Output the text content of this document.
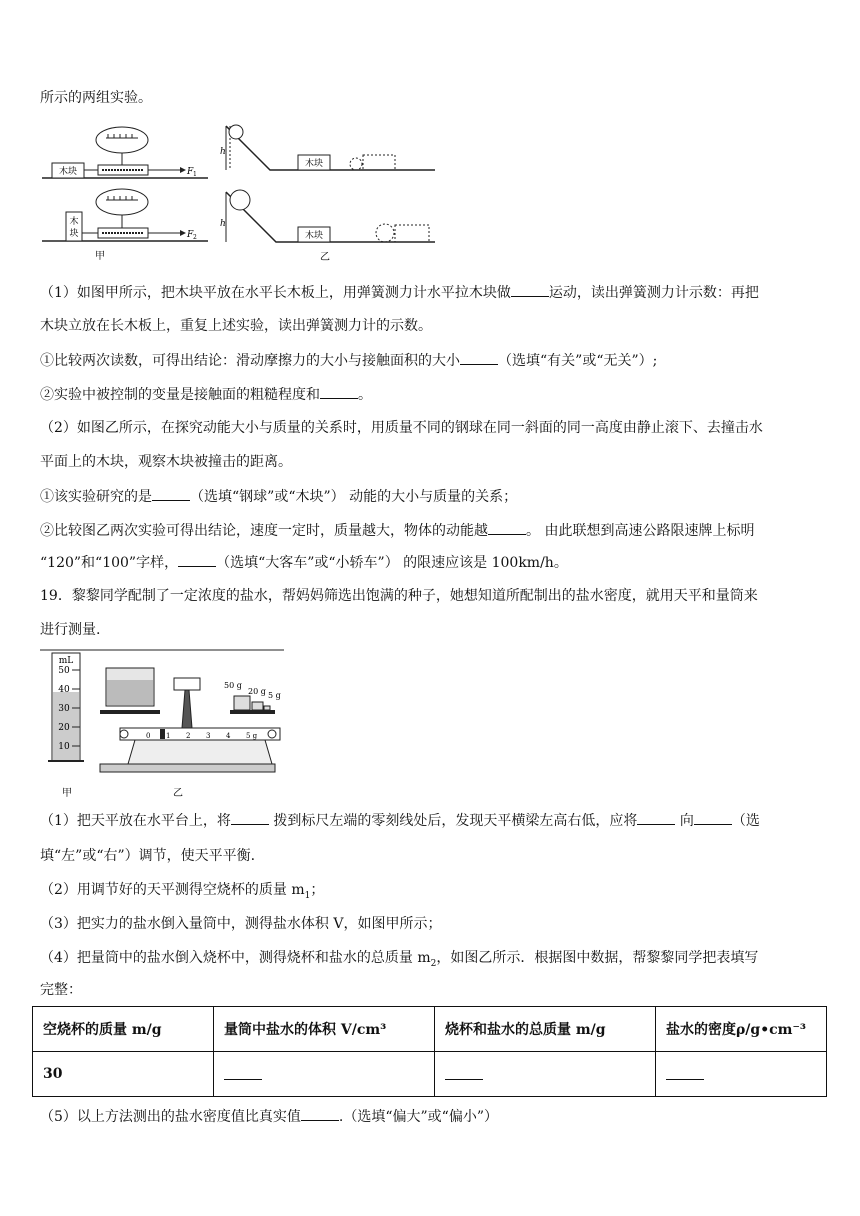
所示的两组实验。
木块	F 1
木
块	F 2
甲
h
木块
h
木块
乙
（1）如图甲所示，把木块平放在水平长木板上，用弹簧测力计水平拉木块做	运动，读出弹簧测力计示数：再把
木块立放在长木板上，重复上述实验，读出弹簧测力计的示数。
①比较两次读数，可得出结论：滑动摩擦力的大小与接触面积的大小	（选填“有关”或“无关”）;
②实验中被控制的变量是接触面的粗糙程度和	。
（2）如图乙所示，在探究动能大小与质量的关系时，用质量不同的钢球在同一斜面的同一高度由静止滚下、去撞击水
平面上的木块，观察木块被撞击的距离。
①该实验研究的是	（选填“钢球”或“木块”） 动能的大小与质量的关系；
②比较图乙两次实验可得出结论，速度一定时，质量越大，物体的动能越	。 由此联想到高速公路限速牌上标明
“120”和“100”字样，	（选填“大客车”或“小轿车”） 的限速应该是 100km/h。
19．黎黎同学配制了一定浓度的盐水，帮妈妈筛选出饱满的种子，她想知道所配制出的盐水密度，就用天平和量筒来
进行测量.
mL
50
40
30
20
10
甲
50 g
20 g 5 g
0 1 2 3 4 5 g
乙
（1）把天平放在水平台上，将	拨到标尺左端的零刻线处后，发现天平横梁左高右低，应将	向	（选
填“左”或“右”）调节，使天平平衡.
（2）用调节好的天平测得空烧杯的质量 $m_1$；
（3）把实力的盐水倒入量筒中，测得盐水体积 V，如图甲所示；
（4）把量筒中的盐水倒入烧杯中，测得烧杯和盐水的总质量 $m_2$，如图乙所示．根据图中数据，帮黎黎同学把表填写
完整：
空烧杯的质量 m/g	量筒中盐水的体积 V/cm³	烧杯和盐水的总质量 m/g	盐水的密度ρ/g•cm⁻³
30			
（5）以上方法测出的盐水密度值比真实值	.（选填“偏大”或“偏小”）
